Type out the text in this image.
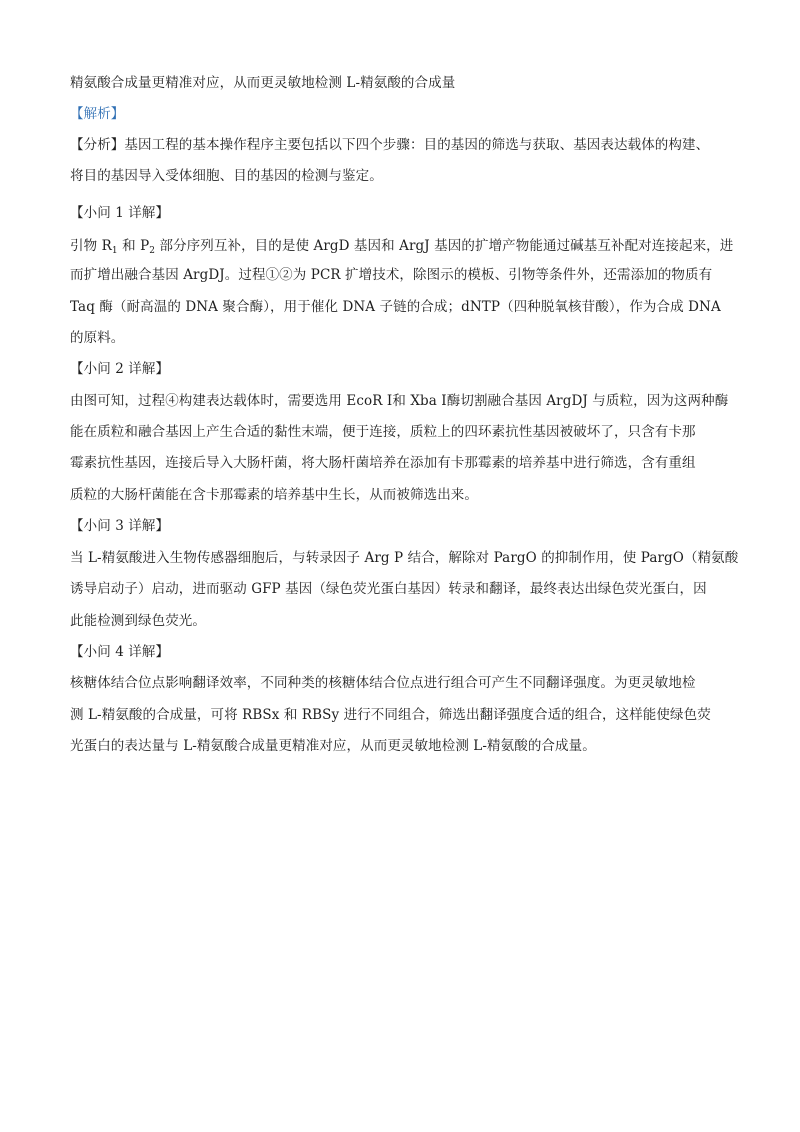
精氨酸合成量更精准对应，从而更灵敏地检测 L-精氨酸的合成量
【解析】
【分析】基因工程的基本操作程序主要包括以下四个步骤：目的基因的筛选与获取、基因表达载体的构建、
将目的基因导入受体细胞、目的基因的检测与鉴定。
【小问 1 详解】
引物 $R_1$ 和 $P_2$ 部分序列互补，目的是使 ArgD 基因和 ArgJ 基因的扩增产物能通过碱基互补配对连接起来，进
而扩增出融合基因 ArgDJ。过程①②为 PCR 扩增技术，除图示的模板、引物等条件外，还需添加的物质有
Taq 酶（耐高温的 DNA 聚合酶），用于催化 DNA 子链的合成；dNTP（四种脱氧核苷酸），作为合成 DNA
的原料。
【小问 2 详解】
由图可知，过程④构建表达载体时，需要选用 EcoR I和 Xba I酶切割融合基因 ArgDJ 与质粒，因为这两种酶
能在质粒和融合基因上产生合适的黏性末端，便于连接，质粒上的四环素抗性基因被破坏了，只含有卡那
霉素抗性基因，连接后导入大肠杆菌，将大肠杆菌培养在添加有卡那霉素的培养基中进行筛选，含有重组
质粒的大肠杆菌能在含卡那霉素的培养基中生长，从而被筛选出来。
【小问 3 详解】
当 L-精氨酸进入生物传感器细胞后，与转录因子 Arg P 结合，解除对 PargO 的抑制作用，使 PargO（精氨酸
诱导启动子）启动，进而驱动 GFP 基因（绿色荧光蛋白基因）转录和翻译，最终表达出绿色荧光蛋白，因
此能检测到绿色荧光。
【小问 4 详解】
核糖体结合位点影响翻译效率，不同种类的核糖体结合位点进行组合可产生不同翻译强度。为更灵敏地检
测 L-精氨酸的合成量，可将 RBSx 和 RBSy 进行不同组合，筛选出翻译强度合适的组合，这样能使绿色荧
光蛋白的表达量与 L-精氨酸合成量更精准对应，从而更灵敏地检测 L-精氨酸的合成量。
